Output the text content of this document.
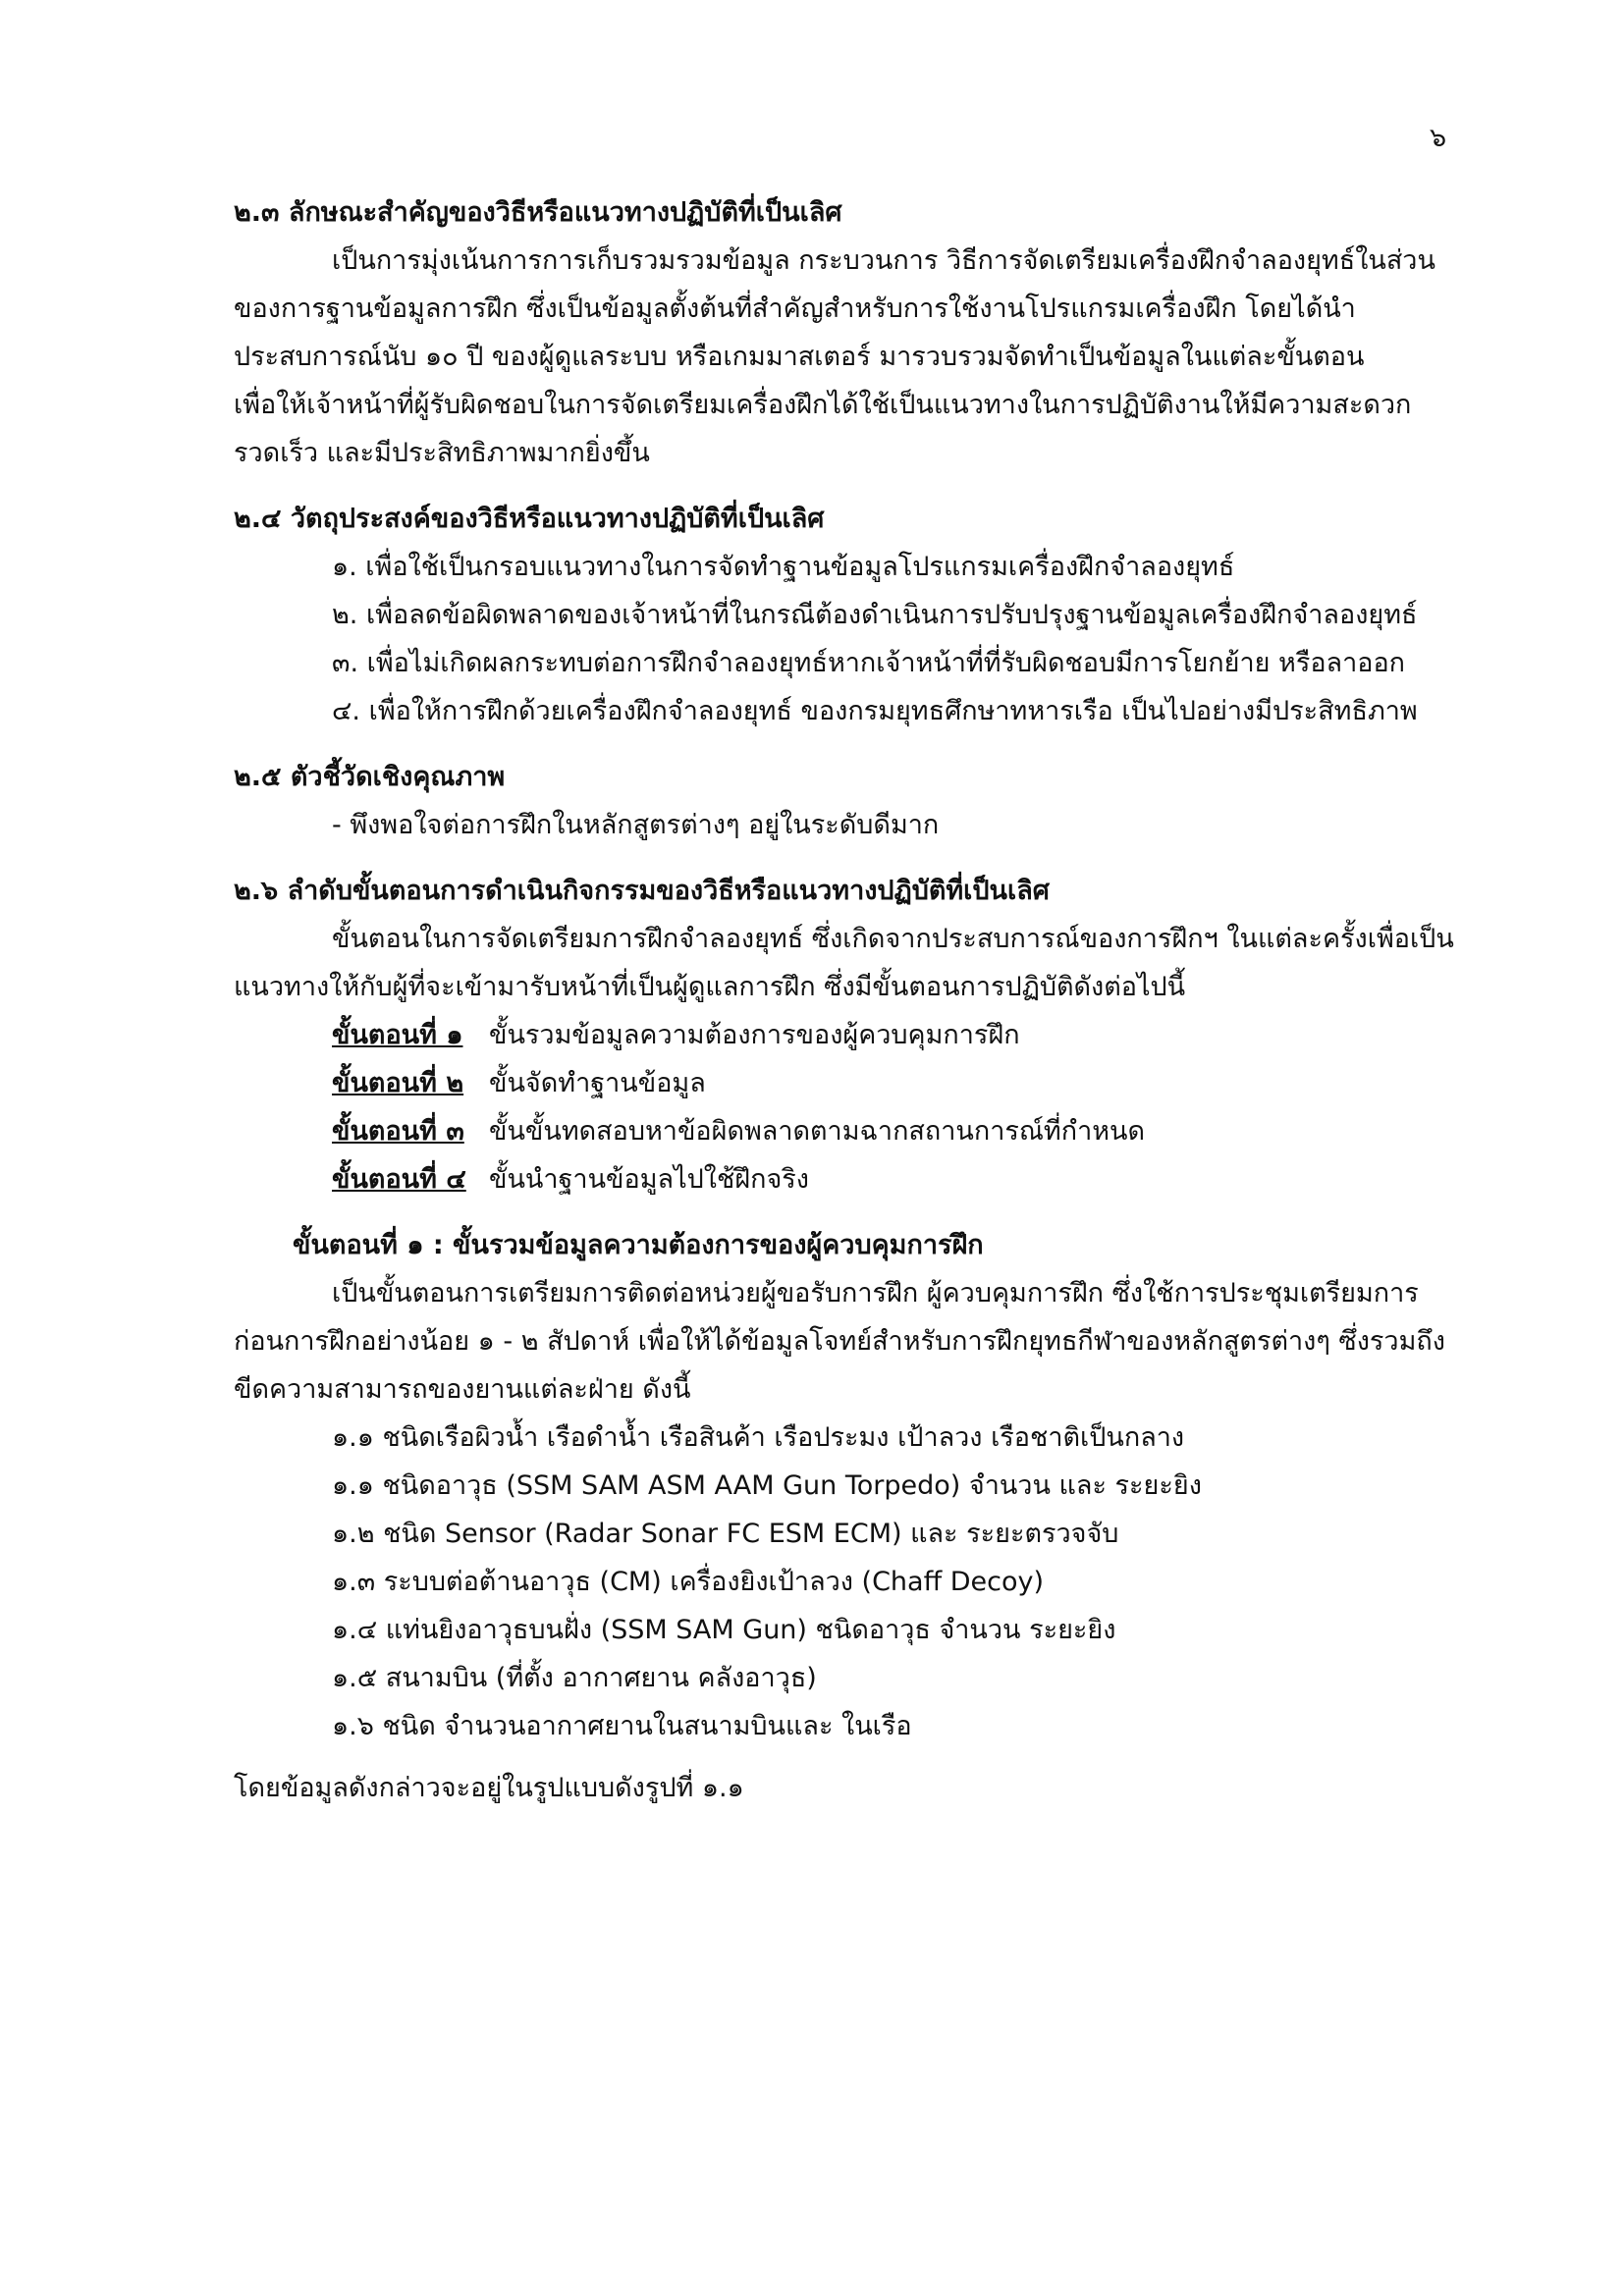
๖
๒.๓ ลักษณะสำคัญของวิธีหรือแนวทางปฏิบัติที่เป็นเลิศ
เป็นการมุ่งเน้นการการเก็บรวมรวมข้อมูล กระบวนการ วิธีการจัดเตรียมเครื่องฝึกจำลองยุทธ์ในส่วน
ของการฐานข้อมูลการฝึก ซึ่งเป็นข้อมูลตั้งต้นที่สำคัญสำหรับการใช้งานโปรแกรมเครื่องฝึก โดยได้นำ
ประสบการณ์นับ ๑๐ ปี ของผู้ดูแลระบบ หรือเกมมาสเตอร์ มารวบรวมจัดทำเป็นข้อมูลในแต่ละขั้นตอน
เพื่อให้เจ้าหน้าที่ผู้รับผิดชอบในการจัดเตรียมเครื่องฝึกได้ใช้เป็นแนวทางในการปฏิบัติงานให้มีความสะดวก
รวดเร็ว และมีประสิทธิภาพมากยิ่งขึ้น
๒.๔ วัตถุประสงค์ของวิธีหรือแนวทางปฏิบัติที่เป็นเลิศ
๑. เพื่อใช้เป็นกรอบแนวทางในการจัดทำฐานข้อมูลโปรแกรมเครื่องฝึกจำลองยุทธ์
๒. เพื่อลดข้อผิดพลาดของเจ้าหน้าที่ในกรณีต้องดำเนินการปรับปรุงฐานข้อมูลเครื่องฝึกจำลองยุทธ์
๓. เพื่อไม่เกิดผลกระทบต่อการฝึกจำลองยุทธ์หากเจ้าหน้าที่ที่รับผิดชอบมีการโยกย้าย หรือลาออก
๔. เพื่อให้การฝึกด้วยเครื่องฝึกจำลองยุทธ์ ของกรมยุทธศึกษาทหารเรือ เป็นไปอย่างมีประสิทธิภาพ
๒.๕ ตัวชี้วัดเชิงคุณภาพ
- พึงพอใจต่อการฝึกในหลักสูตรต่างๆ อยู่ในระดับดีมาก
๒.๖ ลำดับขั้นตอนการดำเนินกิจกรรมของวิธีหรือแนวทางปฏิบัติที่เป็นเลิศ
ขั้นตอนในการจัดเตรียมการฝึกจำลองยุทธ์ ซึ่งเกิดจากประสบการณ์ของการฝึกฯ ในแต่ละครั้งเพื่อเป็น
แนวทางให้กับผู้ที่จะเข้ามารับหน้าที่เป็นผู้ดูแลการฝึก ซึ่งมีขั้นตอนการปฏิบัติดังต่อไปนี้
ขั้นตอนที่ ๑ ขั้นรวมข้อมูลความต้องการของผู้ควบคุมการฝึก
ขั้นตอนที่ ๒ ขั้นจัดทำฐานข้อมูล
ขั้นตอนที่ ๓ ขั้นขั้นทดสอบหาข้อผิดพลาดตามฉากสถานการณ์ที่กำหนด
ขั้นตอนที่ ๔ ขั้นนำฐานข้อมูลไปใช้ฝึกจริง
ขั้นตอนที่ ๑ : ขั้นรวมข้อมูลความต้องการของผู้ควบคุมการฝึก
เป็นขั้นตอนการเตรียมการติดต่อหน่วยผู้ขอรับการฝึก ผู้ควบคุมการฝึก ซึ่งใช้การประชุมเตรียมการ
ก่อนการฝึกอย่างน้อย ๑ - ๒ สัปดาห์ เพื่อให้ได้ข้อมูลโจทย์สำหรับการฝึกยุทธกีฬาของหลักสูตรต่างๆ ซึ่งรวมถึง
ขีดความสามารถของยานแต่ละฝ่าย ดังนี้
๑.๑ ชนิดเรือผิวน้ำ เรือดำน้ำ เรือสินค้า เรือประมง เป้าลวง เรือชาติเป็นกลาง
๑.๑ ชนิดอาวุธ (SSM SAM ASM AAM Gun Torpedo) จำนวน และ ระยะยิง
๑.๒ ชนิด Sensor (Radar Sonar FC ESM ECM) และ ระยะตรวจจับ
๑.๓ ระบบต่อต้านอาวุธ (CM) เครื่องยิงเป้าลวง (Chaff Decoy)
๑.๔ แท่นยิงอาวุธบนฝั่ง (SSM SAM Gun) ชนิดอาวุธ จำนวน ระยะยิง
๑.๕ สนามบิน (ที่ตั้ง อากาศยาน คลังอาวุธ)
๑.๖ ชนิด จำนวนอากาศยานในสนามบินและ ในเรือ
โดยข้อมูลดังกล่าวจะอยู่ในรูปแบบดังรูปที่ ๑.๑
